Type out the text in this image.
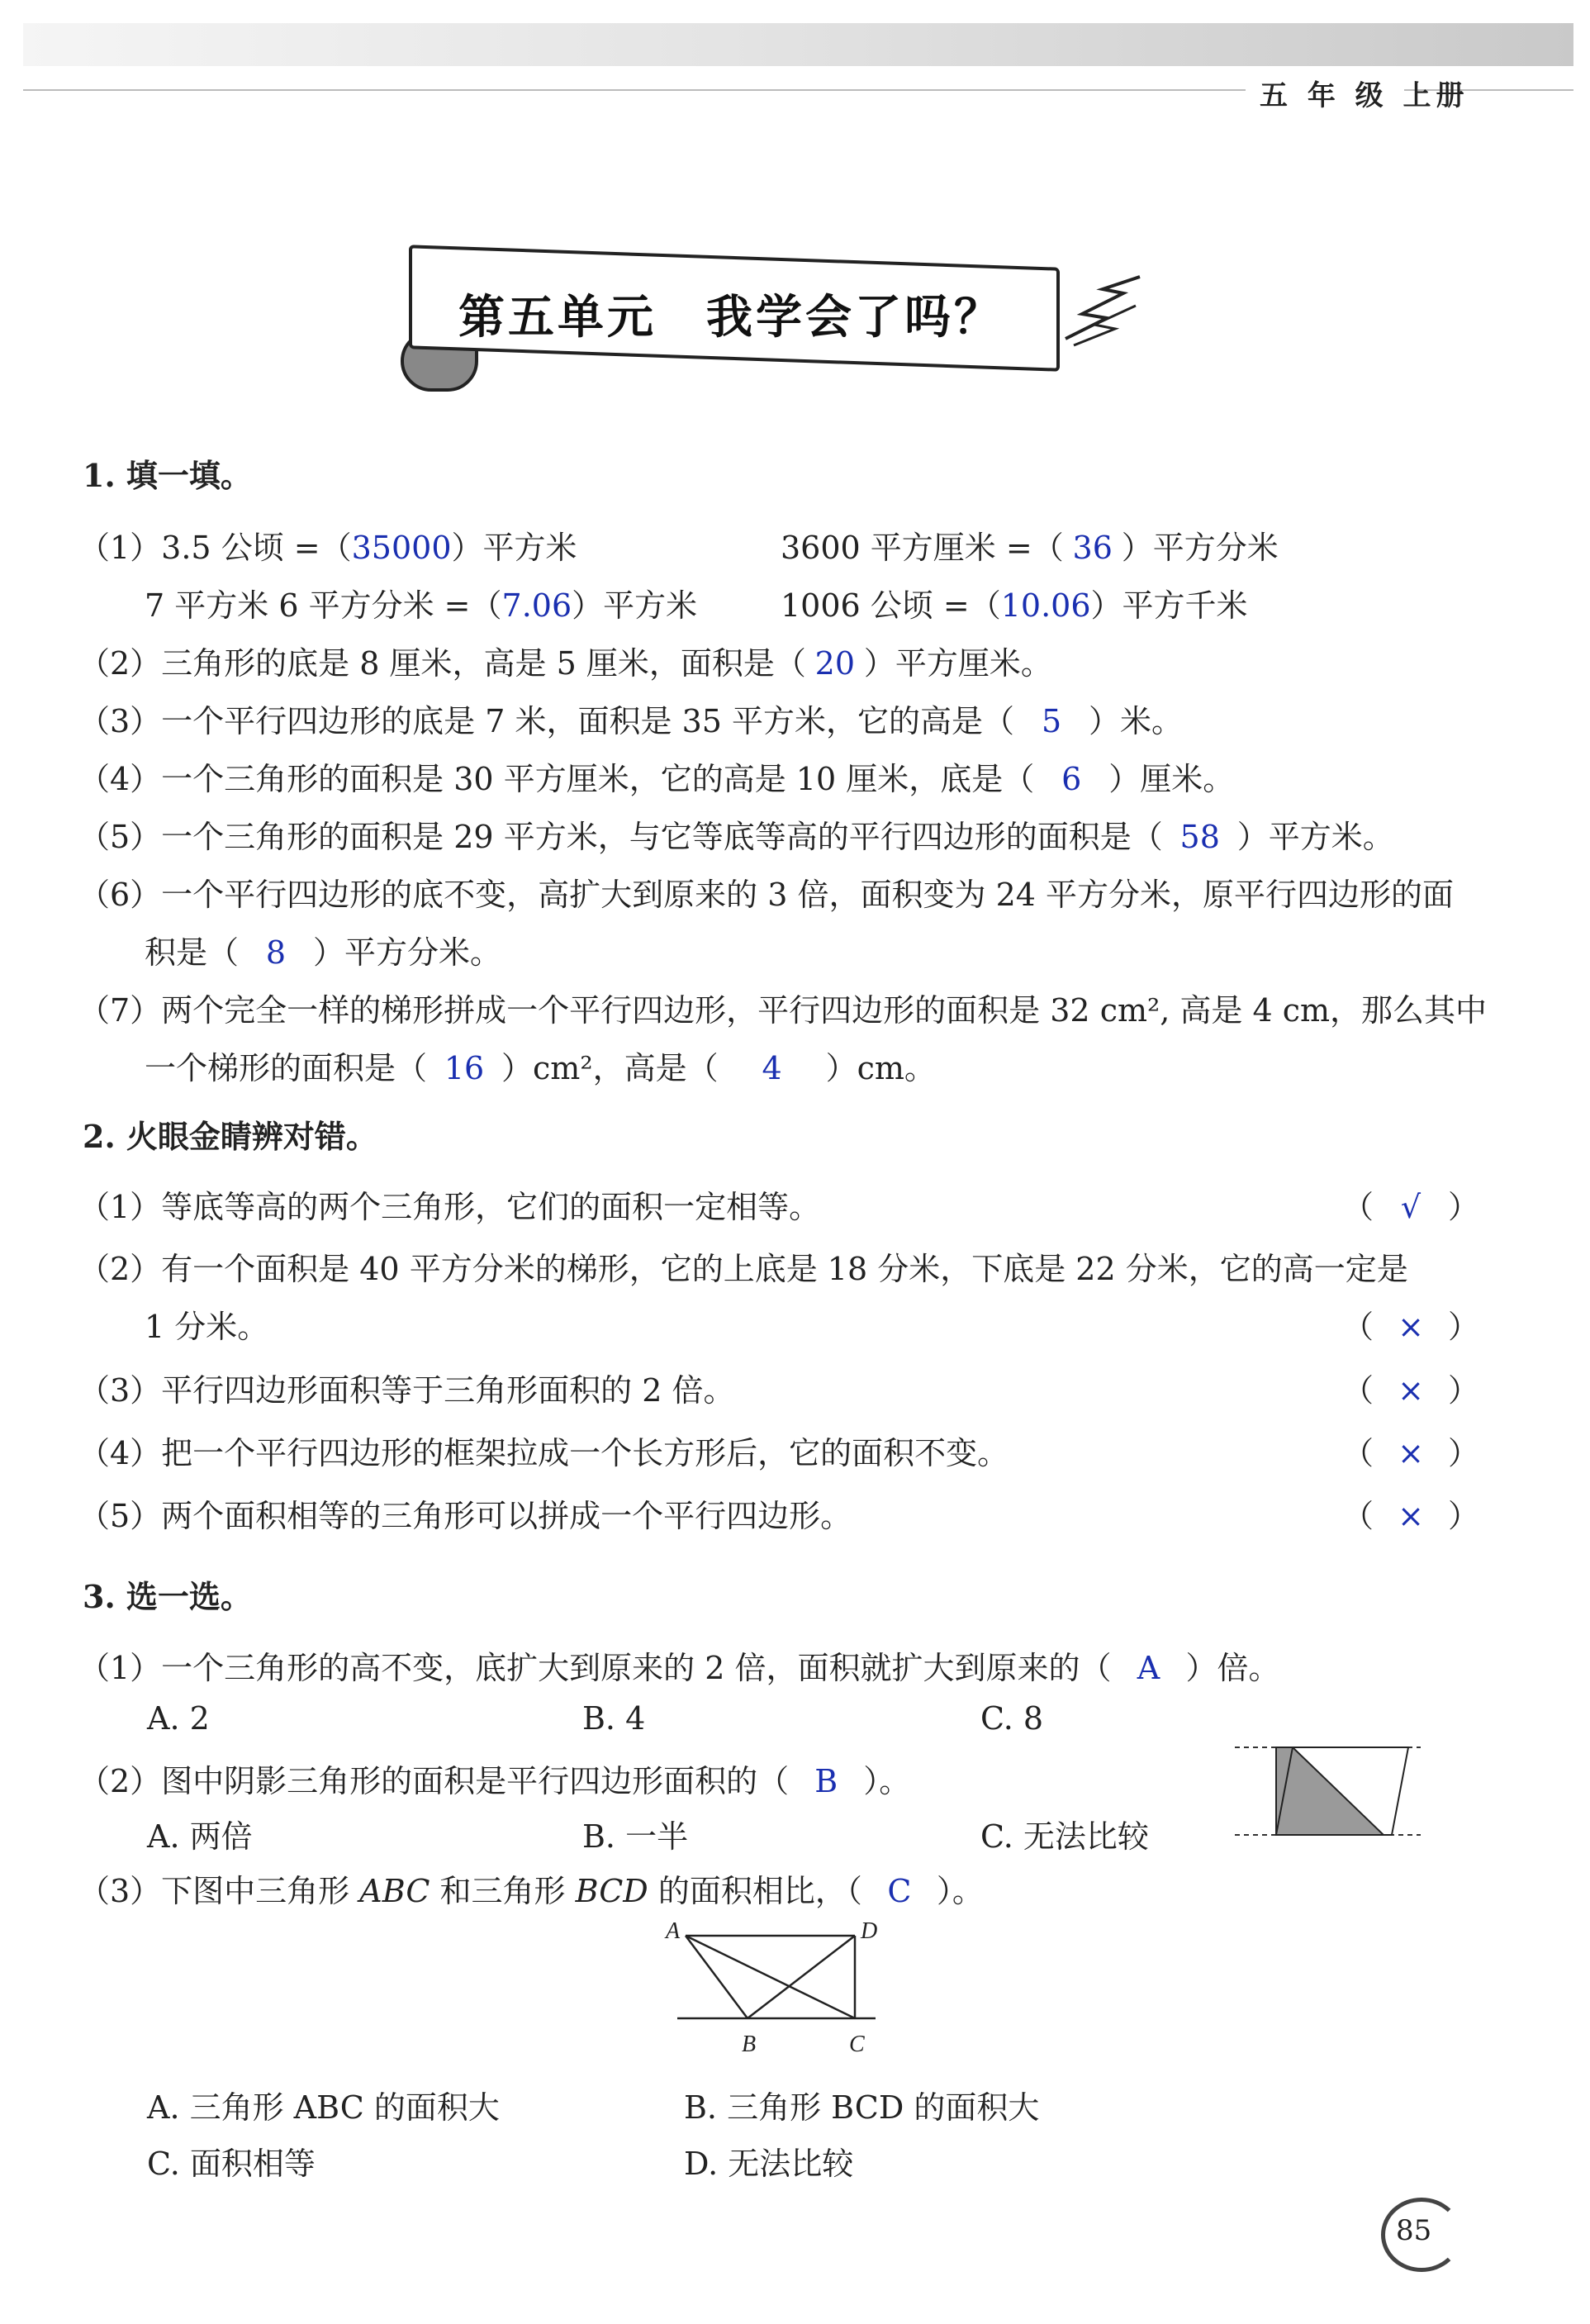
五 年 级 上册
第五单元　我学会了吗？
1. 填一填。
（1）3.5 公顷 =（35000）平方米	3600 平方厘米 =（ 36 ）平方分米
7 平方米 6 平方分米 =（7.06）平方米	1006 公顷 =（10.06）平方千米
（2）三角形的底是 8 厘米，高是 5 厘米，面积是（ 20 ）平方厘米。
（3）一个平行四边形的底是 7 米，面积是 35 平方米，它的高是（ 5 ）米。
（4）一个三角形的面积是 30 平方厘米，它的高是 10 厘米，底是（ 6 ）厘米。
（5）一个三角形的面积是 29 平方米，与它等底等高的平行四边形的面积是（ 58 ）平方米。
（6）一个平行四边形的底不变，高扩大到原来的 3 倍，面积变为 24 平方分米，原平行四边形的面
积是（ 8 ）平方分米。
（7）两个完全一样的梯形拼成一个平行四边形，平行四边形的面积是 32 cm², 高是 4 cm，那么其中
一个梯形的面积是（ 16 ）cm²，高是（ 4 ）cm。
2. 火眼金睛辨对错。
（1）等底等高的两个三角形，它们的面积一定相等。	（ √ ）
（2）有一个面积是 40 平方分米的梯形，它的上底是 18 分米，下底是 22 分米，它的高一定是
1 分米。	（ × ）
（3）平行四边形面积等于三角形面积的 2 倍。	（ × ）
（4）把一个平行四边形的框架拉成一个长方形后，它的面积不变。	（ × ）
（5）两个面积相等的三角形可以拼成一个平行四边形。	（ × ）
3. 选一选。
（1）一个三角形的高不变，底扩大到原来的 2 倍，面积就扩大到原来的（ A ）倍。
A. 2	B. 4	C. 8
（2）图中阴影三角形的面积是平行四边形面积的（ B ）。
A. 两倍	B. 一半	C. 无法比较
（3）下图中三角形 ABC 和三角形 BCD 的面积相比，（ C ）。
A	D
B	C
A. 三角形 ABC 的面积大	B. 三角形 BCD 的面积大
C. 面积相等	D. 无法比较
85
